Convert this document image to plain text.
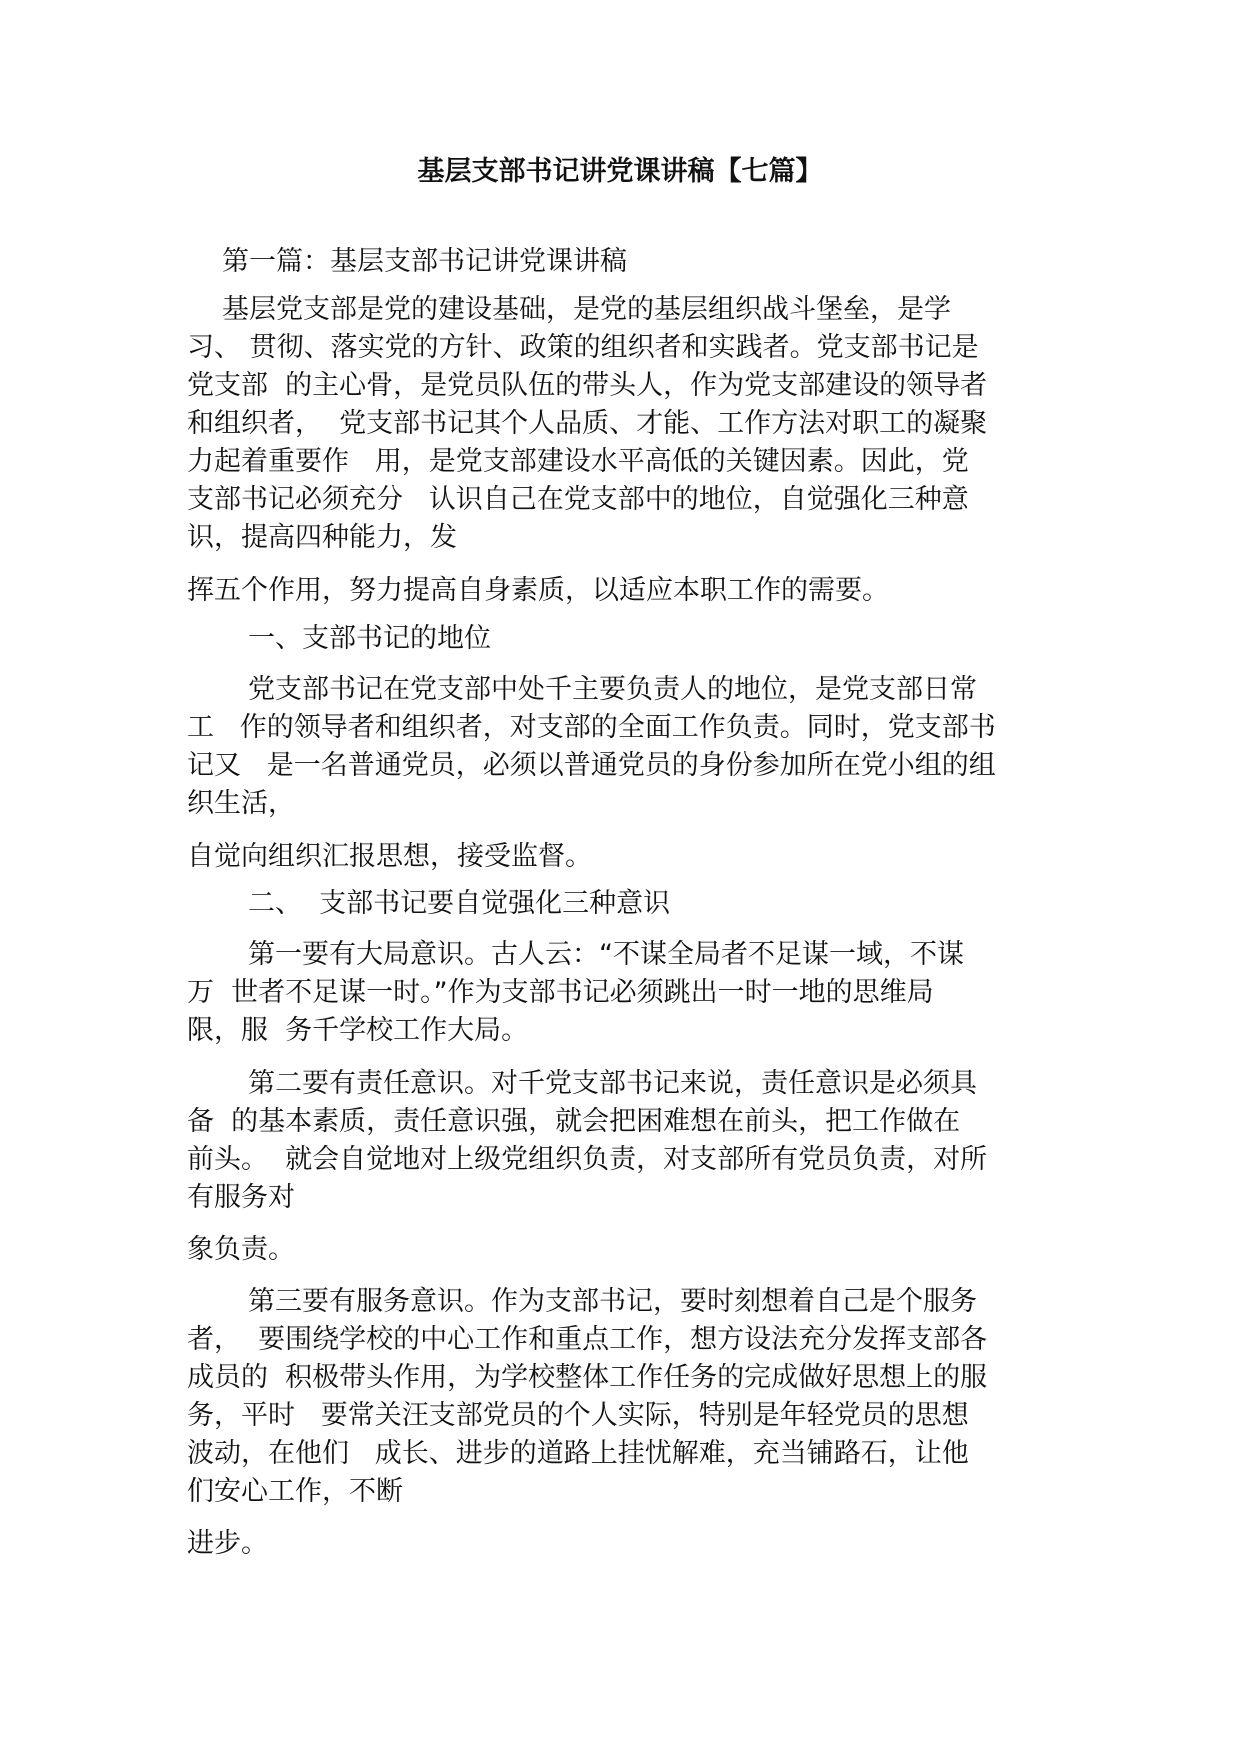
基层支部书记讲党课讲稿【七篇】

第一篇：基层支部书记讲党课讲稿

基层党支部是党的建设基础，是党的基层组织战斗堡垒，是学

习、 贯彻、落实党的方针、政策的组织者和实践者。党支部书记是

党支部  的主心骨，是党员队伍的带头人，作为党支部建设的领导者

和组织者，  党支部书记其个人品质、才能、工作方法对职工的凝聚

力起着重要作   用，是党支部建设水平高低的关键因素。因此，党

支部书记必须充分   认识自己在党支部中的地位，自觉强化三种意

识，提高四种能力，发

挥五个作用，努力提高自身素质，以适应本职工作的需要。

一、支部书记的地位

党支部书记在党支部中处千主要负责人的地位，是党支部日常

工   作的领导者和组织者，对支部的全面工作负责。同时，党支部书

记又   是一名普通党员，必须以普通党员的身份参加所在党小组的组

织生活，

自觉向组织汇报思想，接受监督。

二、  支部书记要自觉强化三种意识

第一要有大局意识。古人云：“不谋全局者不足谋一域，不谋

万  世者不足谋一时。”作为支部书记必须跳出一时一地的思维局

限，服  务千学校工作大局。

第二要有责任意识。对千党支部书记来说，责任意识是必须具

备  的基本素质，责任意识强，就会把困难想在前头，把工作做在

前头。  就会自觉地对上级党组织负责，对支部所有党员负责，对所

有服务对

象负责。

第三要有服务意识。作为支部书记，要时刻想着自己是个服务

者，  要围绕学校的中心工作和重点工作，想方设法充分发挥支部各

成员的  积极带头作用，为学校整体工作任务的完成做好思想上的服

务，平时   要常关汪支部党员的个人实际，特别是年轻党员的思想

波动，在他们   成长、进步的道路上挂忧解难，充当铺路石，让他

们安心工作，不断

进步。
